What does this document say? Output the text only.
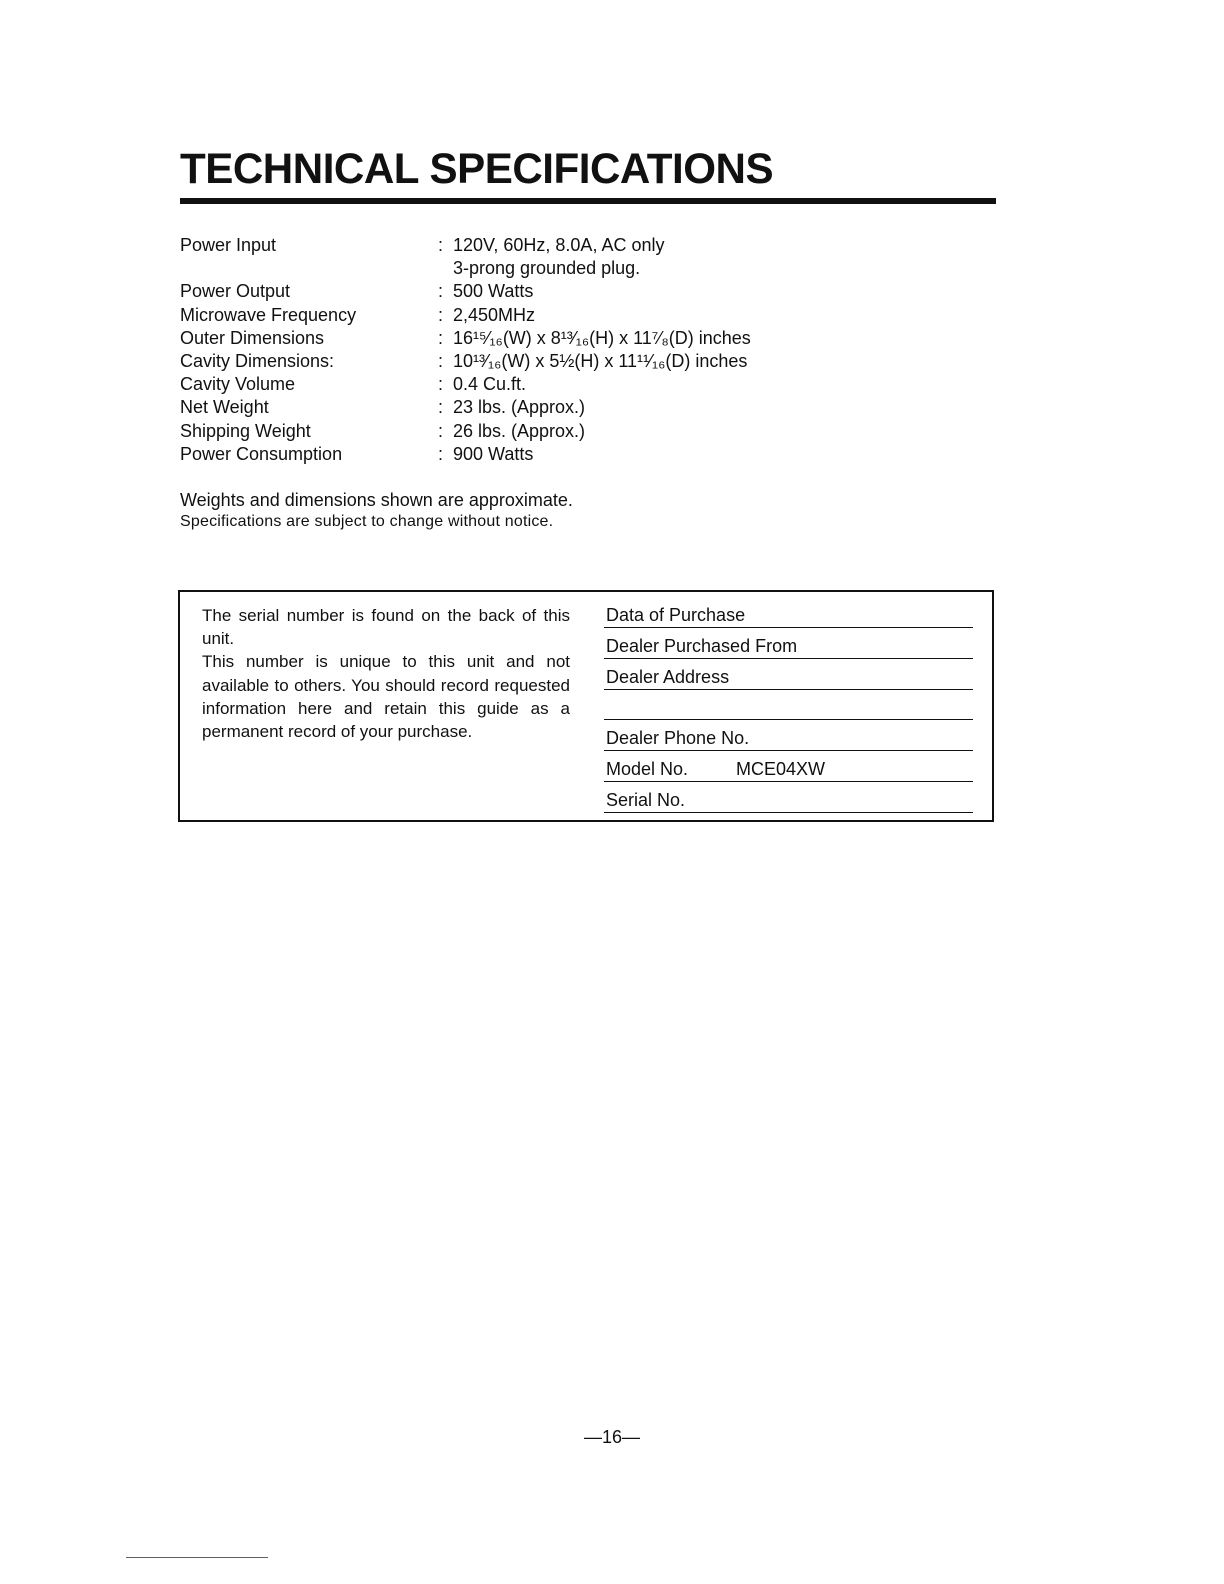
TECHNICAL SPECIFICATIONS
Power Input	: 120V, 60Hz, 8.0A, AC only
3-prong grounded plug.
Power Output	: 500 Watts
Microwave Frequency	: 2,450MHz
Outer Dimensions	: 16¹⁵⁄₁₆(W) x 8¹³⁄₁₆(H) x 11⁷⁄₈(D) inches
Cavity Dimensions:	: 10¹³⁄₁₆(W) x 5½(H) x 11¹¹⁄₁₆(D) inches
Cavity Volume	: 0.4 Cu.ft.
Net Weight	: 23 lbs. (Approx.)
Shipping Weight	: 26 lbs. (Approx.)
Power Consumption	: 900 Watts
Weights and dimensions shown are approximate.
Specifications are subject to change without notice.

The serial number is found on the back of this unit.

This number is unique to this unit and not available to others. You should record requested information here and retain this guide as a permanent record of your purchase.

Data of Purchase
Dealer Purchased From
Dealer Address
Dealer Phone No.
Model No.	MCE04XW
Serial No.
—16—
